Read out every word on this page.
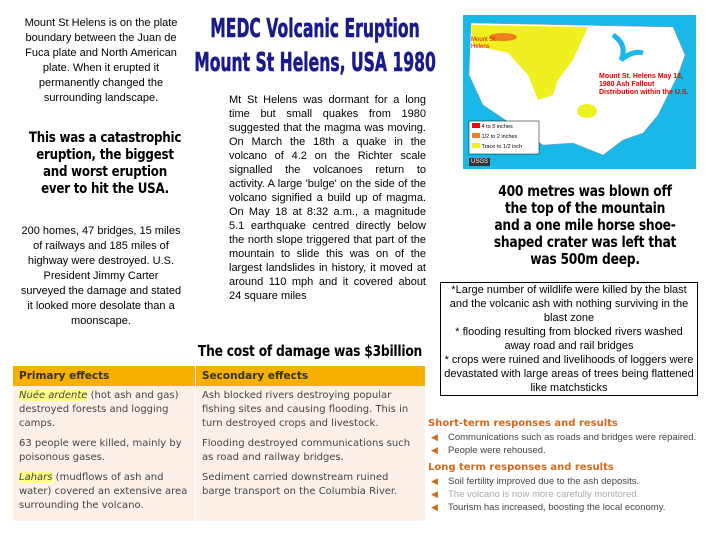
Mount St Helens is on the plate boundary between the Juan de Fuca plate and North American plate. When it erupted it permanently changed the surrounding landscape.
This was a catastrophic eruption, the biggest and worst eruption ever to hit the USA.
200 homes, 47 bridges, 15 miles of railways and 185 miles of highway were destroyed. U.S. President Jimmy Carter surveyed the damage and stated it looked more desolate than a moonscape.
MEDC Volcanic Eruption
Mount St Helens, USA 1980
Mt St Helens was dormant for a long time but small quakes from 1980 suggested that the magma was moving. On March the 18th a quake in the volcano of 4.2 on the Richter scale signalled the volcanoes return to activity. A large 'bulge' on the side of the volcano signified a build up of magma. On May 18 at 8:32 a.m., a magnitude 5.1 earthquake centred directly below the north slope triggered that part of the mountain to slide this was on of the largest landslides in history, it moved at around 110 mph and it covered about 24 square miles
The cost of damage was $3billion
Mount St. Helens
Mount St. Helens May 18, 1980 Ash Fallout Distribution within the U.S.
4 to 5 inches
1/2 to 2 inches
Trace to 1/2 inch
USGS
400 metres was blown off the top of the mountain and a one mile horse shoe-shaped crater was left that was 500m deep.
*Large number of wildlife were killed by the blast and the volcanic ash with nothing surviving in the blast zone
* flooding resulting from blocked rivers washed away road and rail bridges
* crops were ruined and livelihoods of loggers were devastated with large areas of trees being flattened like matchsticks
Primary effects	Secondary effects
Nuée ardente (hot ash and gas) destroyed forests and logging camps.	Ash blocked rivers destroying popular fishing sites and causing flooding. This in turn destroyed crops and livestock.
63 people were killed, mainly by poisonous gases.	Flooding destroyed communications such as road and railway bridges.
Lahars (mudflows of ash and water) covered an extensive area surrounding the volcano.	Sediment carried downstream ruined barge transport on the Columbia River.
Short-term responses and results
◀ Communications such as roads and bridges were repaired.
◀ People were rehoused.
Long term responses and results
◀ Soil fertility improved due to the ash deposits.
◀ The volcano is now more carefully monitored.
◀ Tourism has increased, boosting the local economy.
